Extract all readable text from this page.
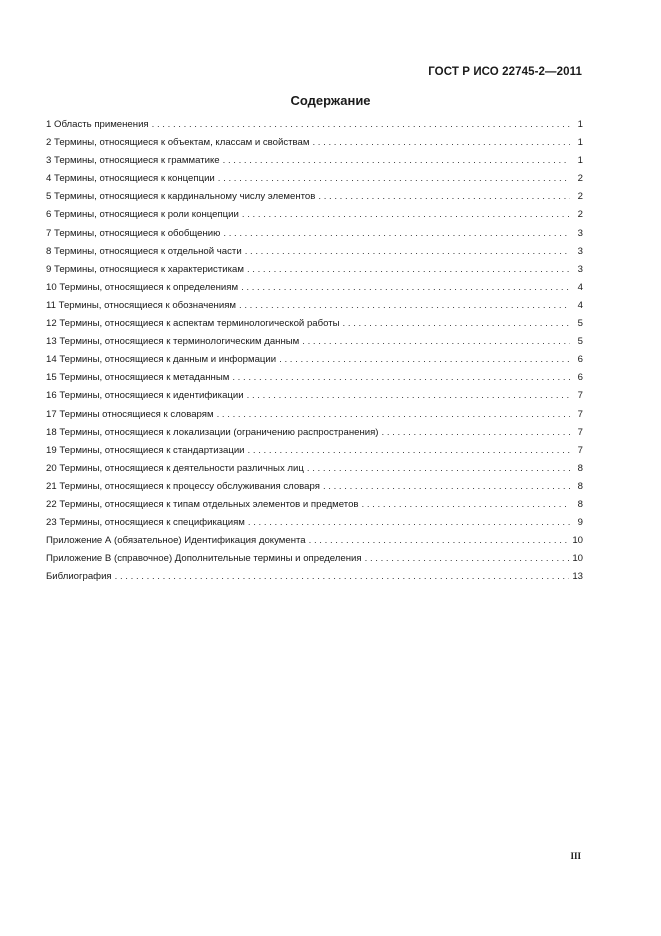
ГОСТ Р ИСО 22745-2—2011
Содержание
1 Область применения . . .	1
2 Термины, относящиеся к объектам, классам и свойствам . . .	1
3 Термины, относящиеся к грамматике . . .	1
4 Термины, относящиеся к концепции . . .	2
5 Термины, относящиеся к кардинальному числу элементов . . .	2
6 Термины, относящиеся к роли концепции . . .	2
7 Термины, относящиеся к обобщению . . .	3
8 Термины, относящиеся к отдельной части . . .	3
9 Термины, относящиеся к характеристикам . . .	3
10 Термины, относящиеся к определениям . . .	4
11 Термины, относящиеся к обозначениям . . .	4
12 Термины, относящиеся к аспектам терминологической работы . . .	5
13 Термины, относящиеся к терминологическим данным . . .	5
14 Термины, относящиеся к данным и информации . . .	6
15 Термины, относящиеся к метаданным . . .	6
16 Термины, относящиеся к идентификации . . .	7
17 Термины относящиеся к словарям . . .	7
18 Термины, относящиеся к локализации (ограничению распространения) . . .	7
19 Термины, относящиеся к стандартизации . . .	7
20 Термины, относящиеся к деятельности различных лиц . . .	8
21 Термины, относящиеся к процессу обслуживания словаря . . .	8
22 Термины, относящиеся к типам отдельных элементов и предметов . . .	8
23 Термины, относящиеся к спецификациям . . .	9
Приложение А (обязательное) Идентификация документа . . .	10
Приложение В (справочное) Дополнительные термины и определения . . .	10
Библиография . . .	13
III
